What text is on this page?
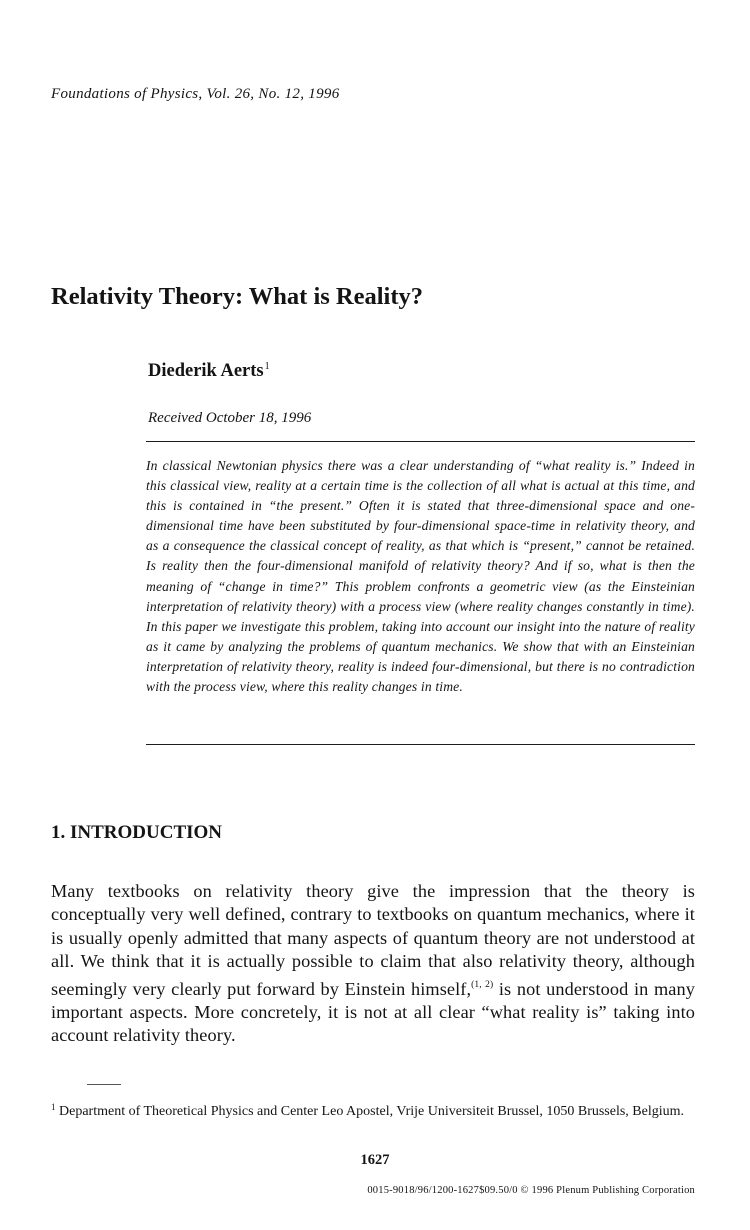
Foundations of Physics, Vol. 26, No. 12, 1996
Relativity Theory: What is Reality?
Diederik Aerts$^1$
Received October 18, 1996

In classical Newtonian physics there was a clear understanding of “what reality is.” Indeed in this classical view, reality at a certain time is the collection of all what is actual at this time, and this is contained in “the present.” Often it is stated that three-dimensional space and one-dimensional time have been substituted by four-dimensional space-time in relativity theory, and as a consequence the classical concept of reality, as that which is “present,” cannot be retained. Is reality then the four-dimensional manifold of relativity theory? And if so, what is then the meaning of “change in time?” This problem confronts a geometric view (as the Einsteinian interpretation of relativity theory) with a process view (where reality changes constantly in time). In this paper we investigate this problem, taking into account our insight into the nature of reality as it came by analyzing the problems of quantum mechanics. We show that with an Einsteinian interpretation of relativity theory, reality is indeed four-dimensional, but there is no contradiction with the process view, where this reality changes in time.

1. INTRODUCTION

Many textbooks on relativity theory give the impression that the theory is conceptually very well defined, contrary to textbooks on quantum mechanics, where it is usually openly admitted that many aspects of quantum theory are not understood at all. We think that it is actually possible to claim that also relativity theory, although seemingly very clearly put forward by Einstein himself,$^{(1, 2)}$ is not understood in many important aspects. More concretely, it is not at all clear “what reality is” taking into account relativity theory.

$^1$ Department of Theoretical Physics and Center Leo Apostel, Vrije Universiteit Brussel, 1050 Brussels, Belgium.

1627
0015-9018/96/1200-1627$09.50/0 © 1996 Plenum Publishing Corporation
